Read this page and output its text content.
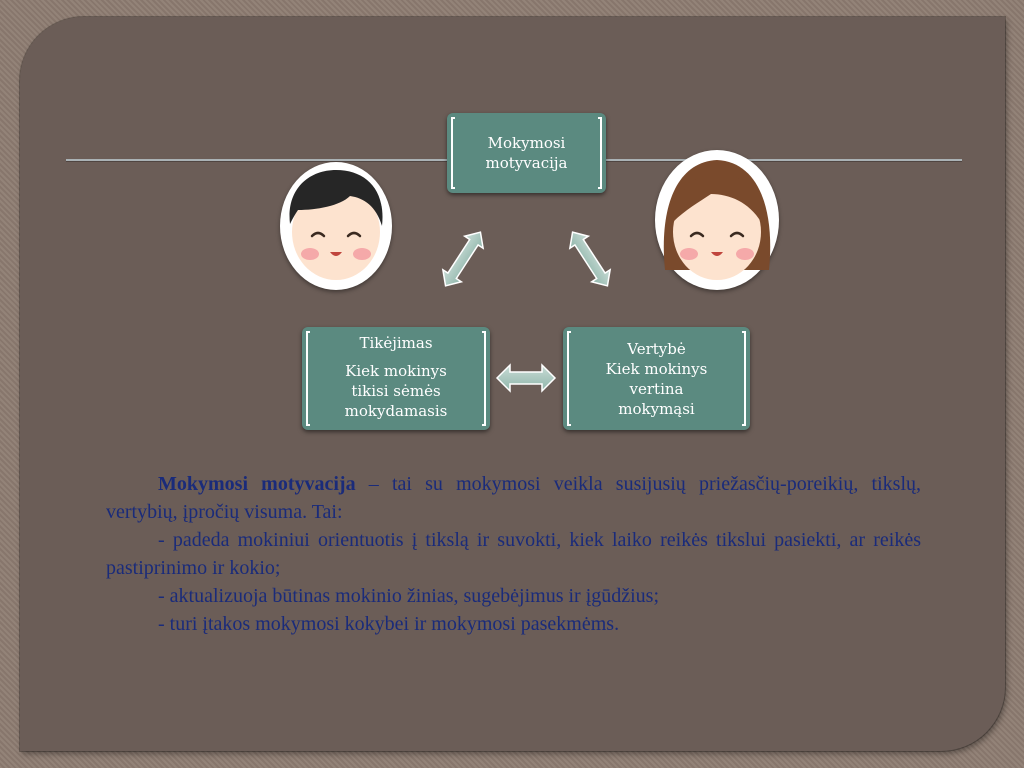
Mokymosi
motyvacija
Tikėjimas
Kiek mokinys
tikisi sėmės
mokydamasis
Vertybė
Kiek mokinys
vertina
mokymąsi

Mokymosi motyvacija – tai su mokymosi veikla susijusių priežasčių-poreikių, tikslų, vertybių, įpročių visuma. Tai:

- padeda mokiniui orientuotis į tikslą ir suvokti, kiek laiko reikės tikslui pasiekti, ar reikės pastiprinimo ir kokio;

- aktualizuoja būtinas mokinio žinias, sugebėjimus ir įgūdžius;

- turi įtakos mokymosi kokybei ir mokymosi pasekmėms.
